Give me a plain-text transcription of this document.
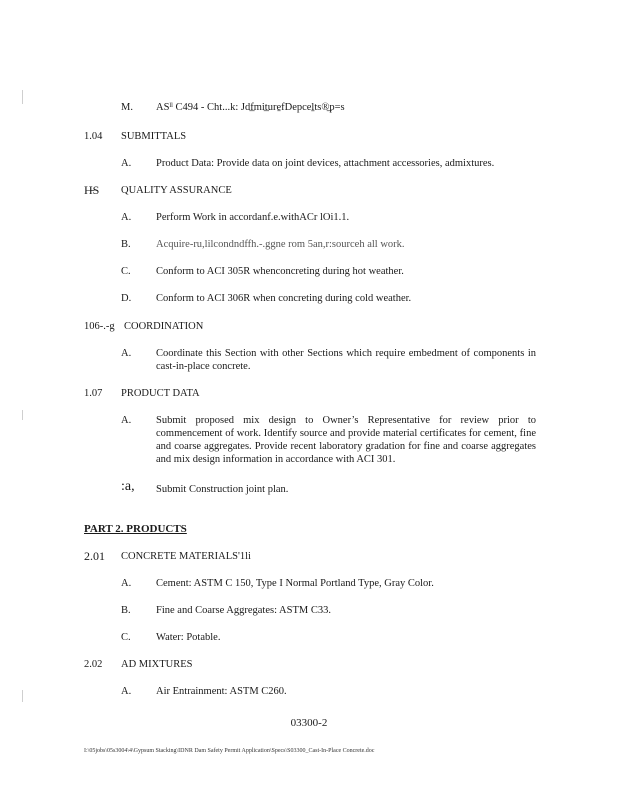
M. ASˡˡ C494 - Cht...k: Jdf̲mit̲ure̱fDepceḻts®̲p=s
1.04 SUBMITTALS
A. Product Data: Provide data on joint devices, attachment accessories, admixtures.
H̵̵S QUALITY ASSURANCE
A. Perform Work in accordanf.e.withACr lOi1.1.
B. Acquire-ru,lilcondndffh.-.ggne rom 5an,r:sourceh all work.
C. Conform to ACI 305R whenconcreting during hot weather.
D. Conform to ACI 306R when concreting during cold weather.
106-.-g COORDINATION
A. Coordinate this Section with other Sections which require embedment of components in cast-in-place concrete.
1.07 PRODUCT DATA
A. Submit proposed mix design to Owner’s Representative for review prior to commencement of work. Identify source and provide material certificates for cement, fine and coarse aggregates. Provide recent laboratory gradation for fine and coarse aggregates and mix design information in accordance with ACI 301.
:a, Submit Construction joint plan.
PART 2. PRODUCTS
2.01 CONCRETE MATERIALS'1li
A. Cement: ASTM C 150, Type I Normal Portland Type, Gray Color.
B. Fine and Coarse Aggregates: ASTM C33.
C. Water: Potable.
2.02 AD MIXTURES
A. Air Entrainment: ASTM C260.
03300-2
I:\05jobs\05s3004\4\Gypsum Stacking\IDNR Dam Safety Permit Application\Specs\S03300_Cast-In-Place Concrete.doc
